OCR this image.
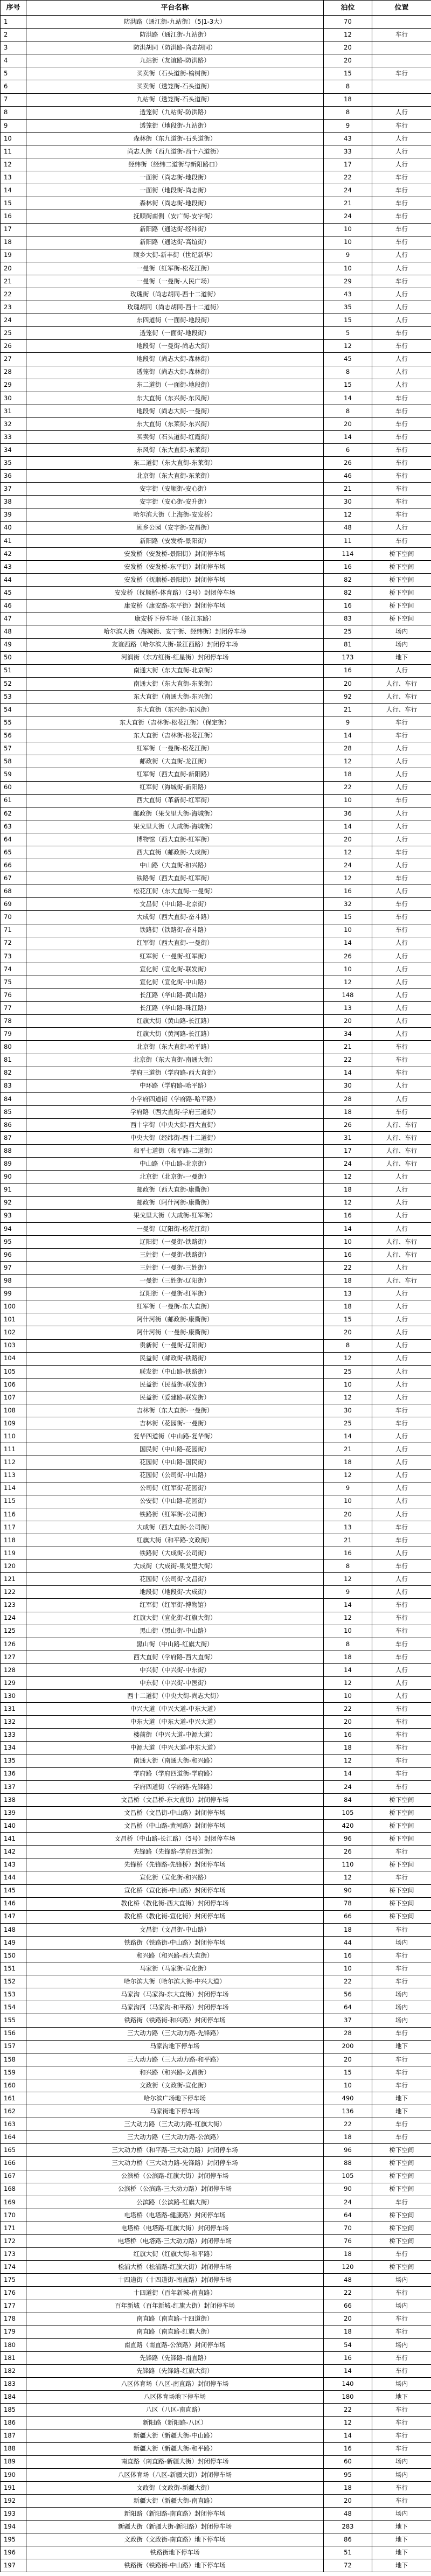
序号	平台名称	泊位	位置
1	防洪路（通江街-九站街）（5|1-3大）	70	
2	防洪路（通江街-九站街）	12	车行
3	防洪胡同（防洪路-尚志胡同）	20	
4	九站街（友谊路-防洪路）	20	
5	买卖街（石头道街-榆树街）	15	车行
6	买卖街（透笼街-石头道街）	8	
7	九站街（透笼街-石头道街）	18	
8	透笼街（九站街-防洪路）	8	人行
9	透笼街（地段街-九站街）	9	车行
10	森林街（东九道街-石头道街）	43	人行
11	尚志大街（西九道街-西十六道街）	33	人行
12	经纬街（经纬二道街与新阳路口）	17	人行
13	一面街（尚志街-地段街）	22	车行
14	一面街（地段街-尚志街）	24	车行
15	森林街（尚志街-地段街）	21	车行
16	抚顺街南侧（安广街-安字街）	24	车行
17	新阳路（通达街-经纬街）	10	车行
18	新阳路（通达街-高谊街）	10	车行
19	顾乡大街-新丰街（世纪新华）	9	人行
20	一曼街（红军街-松花江街）	10	人行
21	一曼街（一曼街-人民广场）	29	车行
22	玫瑰街（尚志胡同-西十二道街）	43	人行
23	玫瑰胡同（尚志胡同-西十二道街）	35	人行
24	东四道街（一面街-地段街）	15	人行
25	透笼街（一面街-地段街）	5	车行
26	地段街（一曼街-尚志大街）	12	车行
27	地段街（尚志大街-森林街）	45	人行
28	透笼街（尚志大街-森林街）	8	人行
29	东二道街（一面街-地段街）	15	人行
30	东大直街（东兴街-东风街）	14	车行
31	地段街（尚志大街-一曼街）	8	车行
32	东大直街（东莱街-东兴街）	20	车行
33	买卖街（石头道街-红霞街）	14	车行
34	东风街（东大直街-东莱街）	6	车行
35	东二道街（东大直街-东莱街）	26	车行
36	北京街（东大直街-东莱街）	46	车行
37	安字街（安顺街-安心街）	21	车行
38	安字街（安心街-安升街）	30	车行
39	哈尔滨大街（上海街-安发桥）	12	车行
40	顾乡公园（安字街-安昌街）	48	人行
41	新阳路（安发桥-景阳街）	11	车行
42	安发桥（安发桥-景阳街）封闭停车场	114	桥下空间
43	安发桥（安发桥-东平街）封闭停车场	16	桥下空间
44	安发桥（抚顺桥-景阳街）封闭停车场	82	桥下空间
45	安发桥（抚顺桥-体育路）（3号）封闭停车场	82	桥下空间
46	康安桥（康安路-东平街）封闭停车场	16	桥下空间
47	康安桥下停车场（景江东路）	83	桥下空间
48	哈尔滨大街（海城街、安宁街、经纬街）封闭停车场	25	场内
49	友谊西路（哈尔滨大街-景江西路）封闭停车场	81	场内
50	河润街（东方红街-红星街）封闭停车场	173	地下
51	南通大街（东大直街-北京街）	16	人行
52	南通大街（东大直街-东莱街）	20	人行、车行
53	东大直街（南通大街-东兴街）	92	人行、车行
54	东大直街（东兴街-东风街）	21	人行、车行
55	东大直街（吉林街-松花江街）（保定街）	9	车行
56	东大直街（吉林街-松花江街）	14	车行
57	红军街（一曼街-松花江街）	28	人行
58	邮政街（大直街-龙江街）	12	人行
59	红军街（西大直街-新阳路）	18	人行
60	红军街（海城街-新阳路）	22	人行
61	西大直街（革新街-红军街）	10	车行
62	邮政街（果戈里大街-海城街）	36	人行
63	果戈里大街（大成街-海城街）	14	人行
64	博物馆（西大直街-红军街）	20	人行
65	西大直街（邮政街-大成街）	12	车行
66	中山路（大直街-和兴路）	24	人行
67	铁路街（西大直街-红军街）	12	车行
68	松花江街（东大直街-一曼街）	16	人行
69	文昌街（中山路-北京街）	32	车行
70	大成街（西大直街-奋斗路）	15	车行
71	铁路街（铁路街-奋斗路）	10	车行
72	红军街（西大直街-一曼街）	14	人行
73	红军街（一曼街-红军街）	26	人行
74	宣化街（宣化街-联发街）	10	人行
75	宣化街（宣化街-中山路）	12	人行
76	长江路（华山路-黄山路）	148	人行
77	长江路（华山路-珠江路）	13	人行
78	红旗大街（黄山路-长江路）	20	人行
79	红旗大街（黄河路-长江路）	34	人行
80	北京街（东大直街-哈平路）	21	车行
81	北京街（东大直街-南通大街）	22	车行
82	学府三道街（学府路-西大直街）	14	车行
83	中环路（学府路-哈平路）	30	人行
84	小学府四道街（学府路-哈平路）	28	人行
85	学府路（西大直街-学府三道街）	18	车行
86	西十字街（中央大街-西大直街）	26	人行、车行
87	中央大街（经纬街-西十二道街）	31	人行、车行
88	和平七道街（和平路-二道街）	17	人行、车行
89	中山路（中山路-北京街）	24	人行、车行
90	北京街（北京街-一曼街）	12	人行
91	邮政街（西大直街-康衢街）	18	人行
92	邮政街（阿什河街-康衢街）	12	人行
93	果戈里大街（大成街-红军街）	16	人行
94	一曼街（辽阳街-松花江街）	14	人行
95	辽阳街（一曼街-铁路街）	10	人行、车行
96	三姓街（一曼街-铁路街）	16	人行、车行
97	三姓街（一曼街-三姓街）	22	人行
98	一曼街（三姓街-辽阳街）	18	人行、车行
99	辽阳街（一曼街-红军街）	13	人行
100	红军街（一曼街-东大直街）	18	人行
101	阿什河街（邮政街-康衢街）	15	人行
102	阿什河街（一曼街-康衢街）	20	人行
103	贵新街（一曼街-辽阳街）	8	人行
104	民益街（邮政街-铁路街）	12	人行
105	联发街（中山路-铁路街）	25	人行
106	民益街（民益街-联发街）	10	人行
107	民益街（爱建路-联发街）	12	人行
108	吉林街（东大直街-一曼街）	30	车行
109	吉林街（花园街-一曼街）	25	车行
110	复华四道街（中山路-复华街）	14	人行
111	国民街（中山路-花园街）	21	人行
112	花园街（中山路-国民街）	18	人行
113	花园街（公司街-中山路）	12	人行
114	公司街（红军街-花园街）	9	人行
115	公安街（中山路-花园街）	10	人行
116	铁路街（红军街-公司街）	20	人行
117	大成街（西大直街-公司街）	13	车行
118	红旗大街（和平路-文政街）	21	车行
119	铁路街（大成街-公司街）	16	人行
120	大成街（大成街-果戈里大街）	8	车行
121	花园街（公司街-文昌街）	12	人行
122	地段街（地段街-大成街）	9	人行
123	红军街（红军街-博物馆）	14	车行
124	红旗大街（宣化街-红旗大街）	12	车行
125	黑山街（黑山街-中山路）	10	车行
126	黑山街（中山路-红旗大街）	8	车行
127	西大直街（学府路-西大直街）	18	车行
128	中兴街（中兴街-中东街）	14	人行
129	中东街（中兴街-中医街）	12	人行
130	西十二道街（中央大街-尚志大街）	10	人行
131	中兴大道（中兴大道-中东大道）	22	车行
132	中东大道（中东大道-中兴大道）	20	车行
133	楼前街（中兴大道-中源大道）	16	车行
134	中源大道（中兴大道-中东大道）	18	车行
135	南通大街（南通大街-和兴路）	12	车行
136	学府路（学府四道街-学府路）	14	车行
137	学府四道街（学府路-先锋路）	24	车行
138	文昌桥（文昌桥-东大直街）封闭停车场	84	桥下空间
139	文昌桥（文昌街-中山路）封闭停车场	105	桥下空间
140	文昌桥（中山路-黄河路）封闭停车场	420	桥下空间
141	文昌桥（中山路-长江路）（5号）封闭停车场	96	桥下空间
142	先锋路（先锋路-学府四道街）	26	车行
143	先锋桥（先锋路-先锋桥）封闭停车场	110	桥下空间
144	宣化街（宣化街-和兴路）	12	车行
145	宣化桥（宣化街-中山路）封闭停车场	90	桥下空间
146	教化桥（教化街-西大直街）封闭停车场	78	桥下空间
147	教化桥（教化街-宣化街）封闭停车场	66	桥下空间
148	文昌街（文昌街-中山路）	18	车行
149	铁路街（铁路街-中山路）封闭停车场	44	场内
150	和兴路（和兴路-西大直街）	16	车行
151	马家街（马家街-宣化街）	10	车行
152	哈尔滨大街（哈尔滨大街-中兴大道）	22	车行
153	马家沟（马家沟-东大直街）封闭停车场	56	场内
154	马家沟河（马家沟-和平路）封闭停车场	64	场内
155	铁路街（铁路街-和兴路）封闭停车场	37	场内
156	三大动力路（三大动力路-先锋路）	28	车行
157	马家沟地下停车场	200	地下
158	三大动力路（三大动力路-和平路）	20	车行
159	和兴路（和兴路-文昌街）	15	车行
160	文政街（文政街-宣化街）	10	车行
161	哈尔滨广场地下停车场	490	地下
162	马家街地下停车场	136	地下
163	三大动力路（三大动力路-红旗大街）	22	车行
164	三大动力路（三大动力路-公滨路）	18	车行
165	三大动力桥（和平路-三大动力路）封闭停车场	96	桥下空间
166	三大动力桥（三大动力路-先锋路）封闭停车场	88	桥下空间
167	公滨桥（公滨路-红旗大街）封闭停车场	105	桥下空间
168	公滨桥（公滨路-三大动力路）封闭停车场	90	桥下空间
169	公滨路（公滨路-红旗大街）	24	车行
170	电塔桥（电塔路-健康路）封闭停车场	64	桥下空间
171	电塔桥（电塔路-红旗大街）封闭停车场	70	桥下空间
172	电塔桥（电塔路-三大动力路）封闭停车场	76	桥下空间
173	红旗大街（红旗大街-和平路）	18	车行
174	松浦大桥（松浦路-红旗大街）封闭停车场	120	桥下空间
175	十四道街（十四道街-南直路）封闭停车场	48	场内
176	十四道街（百年新城-南直路）	22	车行
177	百年新城（百年新城-红旗大街）封闭停车场	66	场内
178	南直路（南直路-十四道街）	20	车行
179	南直路（南直路-红旗大街）	18	车行
180	南直路（南直路-公滨路）封闭停车场	54	场内
181	先锋路（先锋路-南直路）	16	车行
182	先锋路（先锋路-红旗大街）	14	车行
183	八区体育场（八区-南直路）封闭停车场	140	场内
184	八区体育场地下停车场	180	地下
185	八区（八区-南直路）	22	车行
186	新阳路（新阳路-八区）	12	车行
187	新疆大街（新疆大街-中山路）	14	车行
188	新疆大街（新疆大街-和平路）	16	车行
189	南直路（南直路-新疆大街）封闭停车场	60	场内
190	八区体育场（八区-新疆大街）封闭停车场	95	场内
191	文政街（文政街-新疆大街）	18	车行
192	新疆大街（新疆大街-南直路）	20	车行
193	新阳路（新阳路-南直路）封闭停车场	48	场内
194	新疆大街（新疆大街-新阳路）封闭停车场	283	地下
195	文政街（文政街-南直路）地下停车场	86	地下
196	铁路街地下停车场	51	地下
197	铁路街（铁路街-中山路）地下停车场	72	地下
